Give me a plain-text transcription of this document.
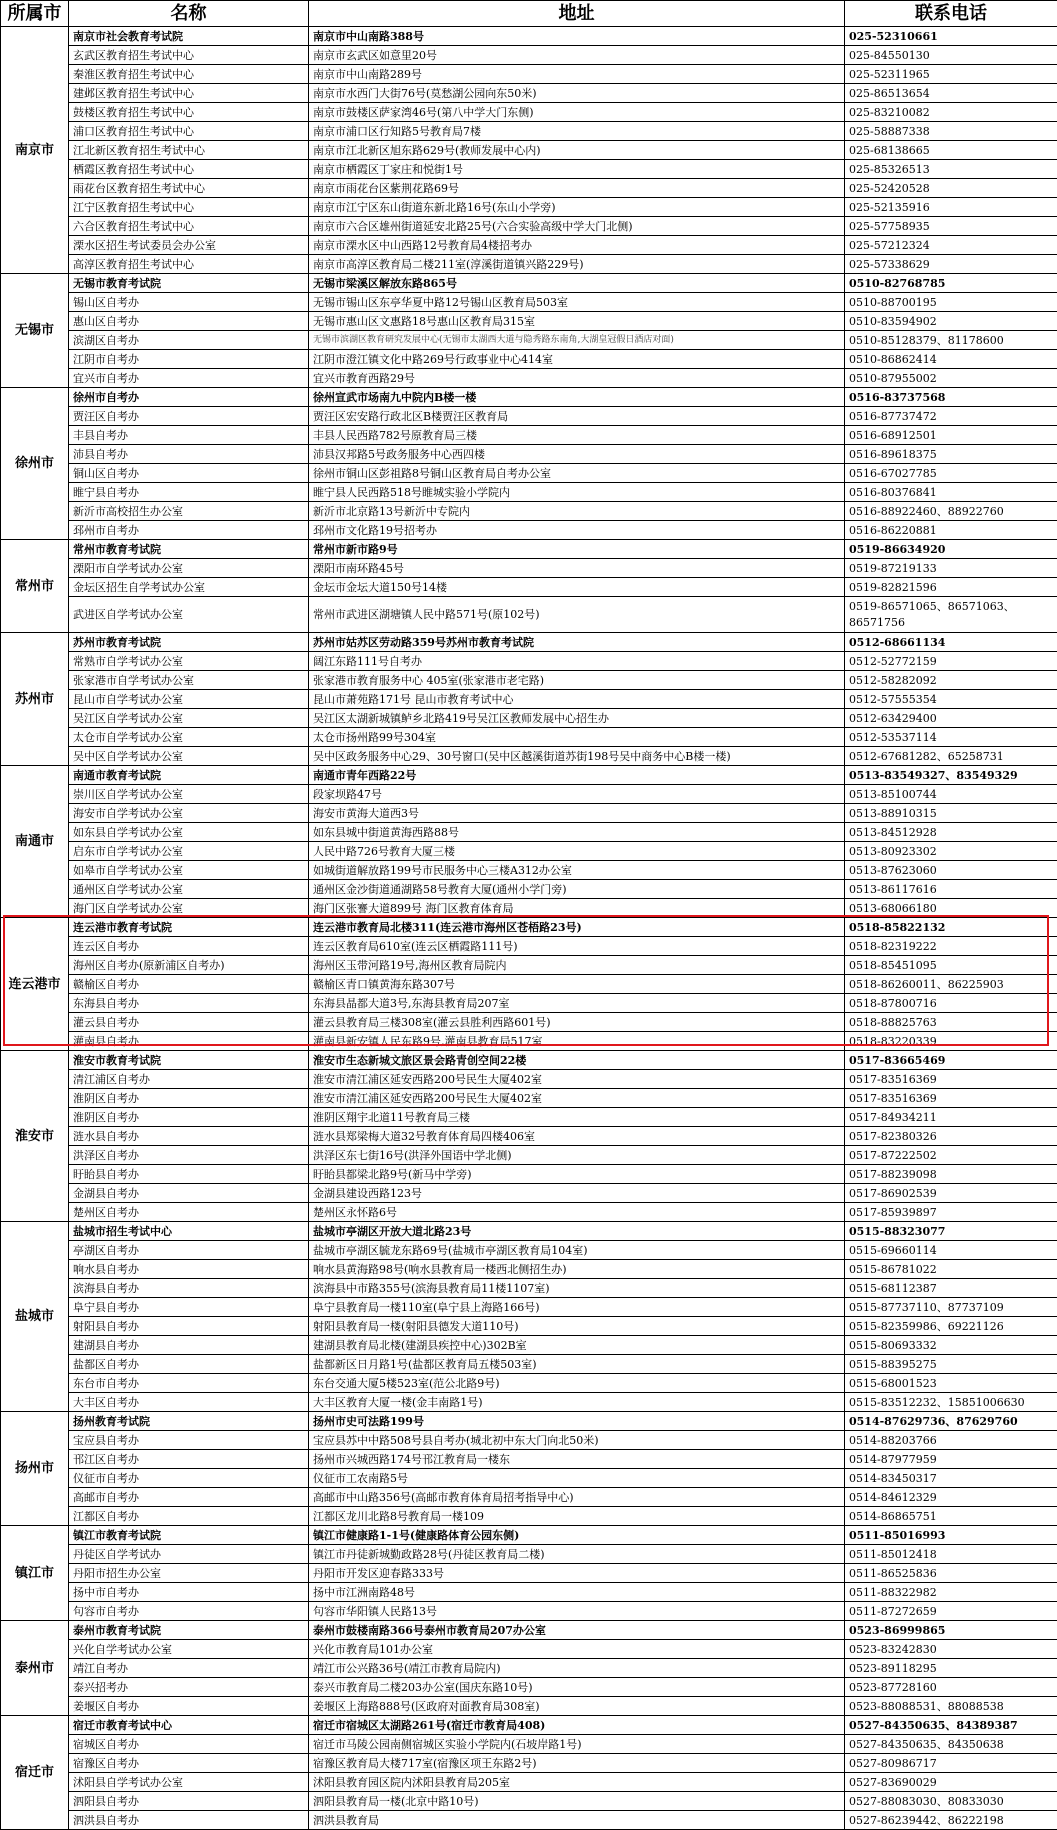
所属市	名称	地址	联系电话
南京市	南京市社会教育考试院	南京市中山南路388号	025-52310661
	玄武区教育招生考试中心	南京市玄武区如意里20号	025-84550130
	秦淮区教育招生考试中心	南京市中山南路289号	025-52311965
	建邺区教育招生考试中心	南京市水西门大街76号(莫愁湖公园向东50米)	025-86513654
	鼓楼区教育招生考试中心	南京市鼓楼区萨家湾46号(第八中学大门东侧)	025-83210082
	浦口区教育招生考试中心	南京市浦口区行知路5号教育局7楼	025-58887338
	江北新区教育招生考试中心	南京市江北新区旭东路629号(教师发展中心内)	025-68138665
	栖霞区教育招生考试中心	南京市栖霞区丁家庄和悦街1号	025-85326513
	雨花台区教育招生考试中心	南京市雨花台区紫荆花路69号	025-52420528
	江宁区教育招生考试中心	南京市江宁区东山街道东新北路16号(东山小学旁)	025-52135916
	六合区教育招生考试中心	南京市六合区雄州街道延安北路25号(六合实验高级中学大门北侧)	025-57758935
	溧水区招生考试委员会办公室	南京市溧水区中山西路12号教育局4楼招考办	025-57212324
	高淳区教育招生考试中心	南京市高淳区教育局二楼211室(淳溪街道镇兴路229号)	025-57338629
无锡市	无锡市教育考试院	无锡市梁溪区解放东路865号	0510-82768785
	锡山区自考办	无锡市锡山区东亭华夏中路12号锡山区教育局503室	0510-88700195
	惠山区自考办	无锡市惠山区文惠路18号惠山区教育局315室	0510-83594902
	滨湖区自考办	无锡市滨湖区教育研究发展中心(无锡市太湖西大道与隐秀路东南角,大湖皇冠假日酒店对面)	0510-85128379、81178600
	江阴市自考办	江阴市澄江镇文化中路269号行政事业中心414室	0510-86862414
	宜兴市自考办	宜兴市教育西路29号	0510-87955002
徐州市	徐州市自考办	徐州宣武市场南九中院内B楼一楼	0516-83737568
	贾汪区自考办	贾汪区宏安路行政北区B楼贾汪区教育局	0516-87737472
	丰县自考办	丰县人民西路782号原教育局三楼	0516-68912501
	沛县自考办	沛县汉邦路5号政务服务中心西四楼	0516-89618375
	铜山区自考办	徐州市铜山区彭祖路8号铜山区教育局自考办公室	0516-67027785
	睢宁县自考办	睢宁县人民西路518号睢城实验小学院内	0516-80376841
	新沂市高校招生办公室	新沂市北京路13号新沂中专院内	0516-88922460、88922760
	邳州市自考办	邳州市文化路19号招考办	0516-86220881
常州市	常州市教育考试院	常州市新市路9号	0519-86634920
	溧阳市自学考试办公室	溧阳市南环路45号	0519-87219133
	金坛区招生自学考试办公室	金坛市金坛大道150号14楼	0519-82821596
	武进区自学考试办公室	常州市武进区湖塘镇人民中路571号(原102号)	0519-86571065、86571063、86571756
苏州市	苏州市教育考试院	苏州市姑苏区劳动路359号苏州市教育考试院	0512-68661134
	常熟市自学考试办公室	阔江东路111号自考办	0512-52772159
	张家港市自学考试办公室	张家港市教育服务中心 405室(张家港市老宅路)	0512-58282092
	昆山市自学考试办公室	昆山市萧苑路171号 昆山市教育考试中心	0512-57555354
	吴江区自学考试办公室	吴江区太湖新城镇鲈乡北路419号吴江区教师发展中心招生办	0512-63429400
	太仓市自学考试办公室	太仓市扬州路99号304室	0512-53537114
	吴中区自学考试办公室	吴中区政务服务中心29、30号窗口(吴中区越溪街道苏街198号吴中商务中心B楼一楼)	0512-67681282、65258731
南通市	南通市教育考试院	南通市青年西路22号	0513-83549327、83549329
	崇川区自学考试办公室	段家坝路47号	0513-85100744
	海安市自学考试办公室	海安市黄海大道西3号	0513-88910315
	如东县自学考试办公室	如东县城中街道黄海西路88号	0513-84512928
	启东市自学考试办公室	人民中路726号教育大厦三楼	0513-80923302
	如皋市自学考试办公室	如城街道解放路199号市民服务中心三楼A312办公室	0513-87623060
	通州区自学考试办公室	通州区金沙街道通湖路58号教育大厦(通州小学门旁)	0513-86117616
	海门区自学考试办公室	海门区张謇大道899号 海门区教育体育局	0513-68066180
连云港市	连云港市教育考试院	连云港市教育局北楼311(连云港市海州区苍梧路23号)	0518-85822132
	连云区自考办	连云区教育局610室(连云区栖霞路111号)	0518-82319222
	海州区自考办(原新浦区自考办)	海州区玉带河路19号,海州区教育局院内	0518-85451095
	赣榆区自考办	赣榆区青口镇黄海东路307号	0518-86260011、86225903
	东海县自考办	东海县晶都大道3号,东海县教育局207室	0518-87800716
	灌云县自考办	灌云县教育局三楼308室(灌云县胜利西路601号)	0518-88825763
	灌南县自考办	灌南县新安镇人民东路9号,灌南县教育局517室	0518-83220339
淮安市	淮安市教育考试院	淮安市生态新城文旅区景会路青创空间22楼	0517-83665469
	清江浦区自考办	淮安市清江浦区延安西路200号民生大厦402室	0517-83516369
	淮阴区自考办	淮安市清江浦区延安西路200号民生大厦402室	0517-83516369
	淮阴区自考办	淮阴区翔宇北道11号教育局三楼	0517-84934211
	涟水县自考办	涟水县郑梁梅大道32号教育体育局四楼406室	0517-82380326
	洪泽区自考办	洪泽区东七街16号(洪泽外国语中学北侧)	0517-87222502
	盱眙县自考办	盱眙县都梁北路9号(新马中学旁)	0517-88239098
	金湖县自考办	金湖县建设西路123号	0517-86902539
	楚州区自考办	楚州区永怀路6号	0517-85939897
盐城市	盐城市招生考试中心	盐城市亭湖区开放大道北路23号	0515-88323077
	亭湖区自考办	盐城市亭湖区毓龙东路69号(盐城市亭湖区教育局104室)	0515-69660114
	响水县自考办	响水县黄海路98号(响水县教育局一楼西北侧招生办)	0515-86781022
	滨海县自考办	滨海县中市路355号(滨海县教育局11楼1107室)	0515-68112387
	阜宁县自考办	阜宁县教育局一楼110室(阜宁县上海路166号)	0515-87737110、87737109
	射阳县自考办	射阳县教育局一楼(射阳县德发大道110号)	0515-82359986、69221126
	建湖县自考办	建湖县教育局北楼(建湖县疾控中心)302B室	0515-80693332
	盐都区自考办	盐都新区日月路1号(盐都区教育局五楼503室)	0515-88395275
	东台市自考办	东台交通大厦5楼523室(范公北路9号)	0515-68001523
	大丰区自考办	大丰区教育大厦一楼(金丰南路1号)	0515-83512232、15851006630
扬州市	扬州教育考试院	扬州市史可法路199号	0514-87629736、87629760
	宝应县自考办	宝应县苏中中路508号县自考办(城北初中东大门向北50米)	0514-88203766
	邗江区自考办	扬州市兴城西路174号邗江教育局一楼东	0514-87977959
	仪征市自考办	仪征市工农南路5号	0514-83450317
	高邮市自考办	高邮市中山路356号(高邮市教育体育局招考指导中心)	0514-84612329
	江都区自考办	江都区龙川北路8号教育局一楼109	0514-86865751
镇江市	镇江市教育考试院	镇江市健康路1-1号(健康路体育公园东侧)	0511-85016993
	丹徒区自学考试办	镇江市丹徒新城勤政路28号(丹徒区教育局二楼)	0511-85012418
	丹阳市招生办公室	丹阳市开发区迎春路333号	0511-86525836
	扬中市自考办	扬中市江洲南路48号	0511-88322982
	句容市自考办	句容市华阳镇人民路13号	0511-87272659
泰州市	泰州市教育考试院	泰州市鼓楼南路366号泰州市教育局207办公室	0523-86999865
	兴化自学考试办公室	兴化市教育局101办公室	0523-83242830
	靖江自考办	靖江市公兴路36号(靖江市教育局院内)	0523-89118295
	泰兴招考办	泰兴市教育局二楼203办公室(国庆东路10号)	0523-87728160
	姜堰区自考办	姜堰区上海路888号(区政府对面教育局308室)	0523-88088531、88088538
宿迁市	宿迁市教育考试中心	宿迁市宿城区太湖路261号(宿迁市教育局408)	0527-84350635、84389387
	宿城区自考办	宿迁市马陵公园南侧宿城区实验小学院内(石坡岸路1号)	0527-84350635、84350638
	宿豫区自考办	宿豫区教育局大楼717室(宿豫区项王东路2号)	0527-80986717
	沭阳县自学考试办公室	沭阳县教育园区院内沭阳县教育局205室	0527-83690029
	泗阳县自考办	泗阳县教育局一楼(北京中路10号)	0527-88083030、80833030
	泗洪县自考办	泗洪县教育局	0527-86239442、86222198
